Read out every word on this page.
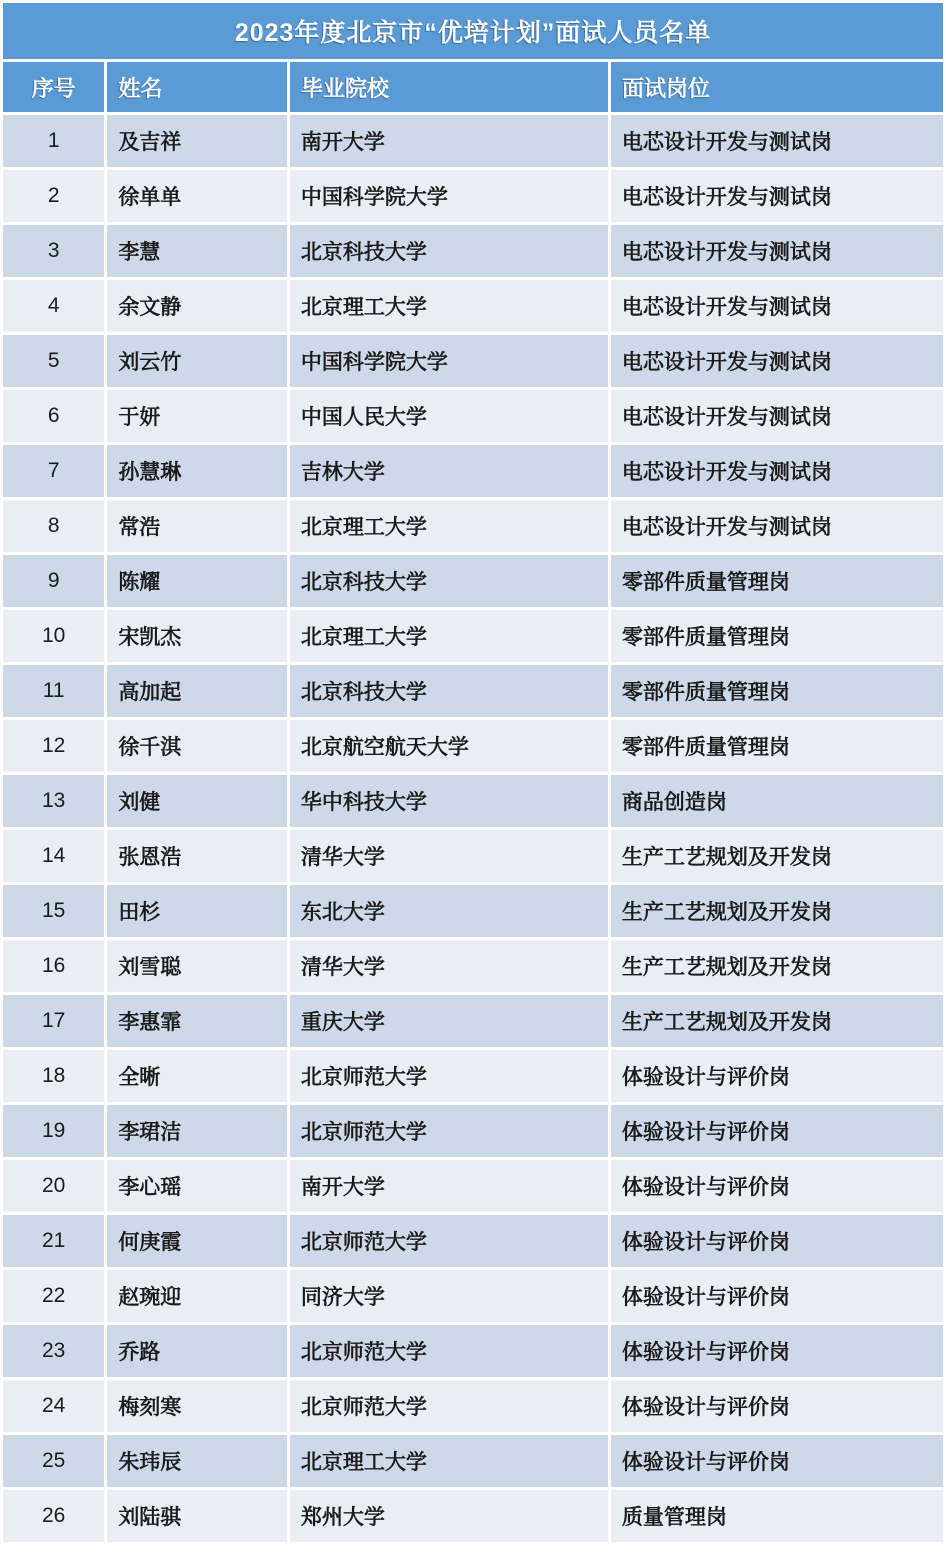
2023年度北京市“优培计划”面试人员名单			
序号	姓名	毕业院校	面试岗位
1	及吉祥	南开大学	电芯设计开发与测试岗
2	徐单单	中国科学院大学	电芯设计开发与测试岗
3	李慧	北京科技大学	电芯设计开发与测试岗
4	余文静	北京理工大学	电芯设计开发与测试岗
5	刘云竹	中国科学院大学	电芯设计开发与测试岗
6	于妍	中国人民大学	电芯设计开发与测试岗
7	孙慧琳	吉林大学	电芯设计开发与测试岗
8	常浩	北京理工大学	电芯设计开发与测试岗
9	陈耀	北京科技大学	零部件质量管理岗
10	宋凯杰	北京理工大学	零部件质量管理岗
11	高加起	北京科技大学	零部件质量管理岗
12	徐千淇	北京航空航天大学	零部件质量管理岗
13	刘健	华中科技大学	商品创造岗
14	张恩浩	清华大学	生产工艺规划及开发岗
15	田杉	东北大学	生产工艺规划及开发岗
16	刘雪聪	清华大学	生产工艺规划及开发岗
17	李惠霏	重庆大学	生产工艺规划及开发岗
18	全晰	北京师范大学	体验设计与评价岗
19	李珺洁	北京师范大学	体验设计与评价岗
20	李心瑶	南开大学	体验设计与评价岗
21	何庚霞	北京师范大学	体验设计与评价岗
22	赵琬迎	同济大学	体验设计与评价岗
23	乔路	北京师范大学	体验设计与评价岗
24	梅刻寒	北京师范大学	体验设计与评价岗
25	朱玮辰	北京理工大学	体验设计与评价岗
26	刘陆骐	郑州大学	质量管理岗
